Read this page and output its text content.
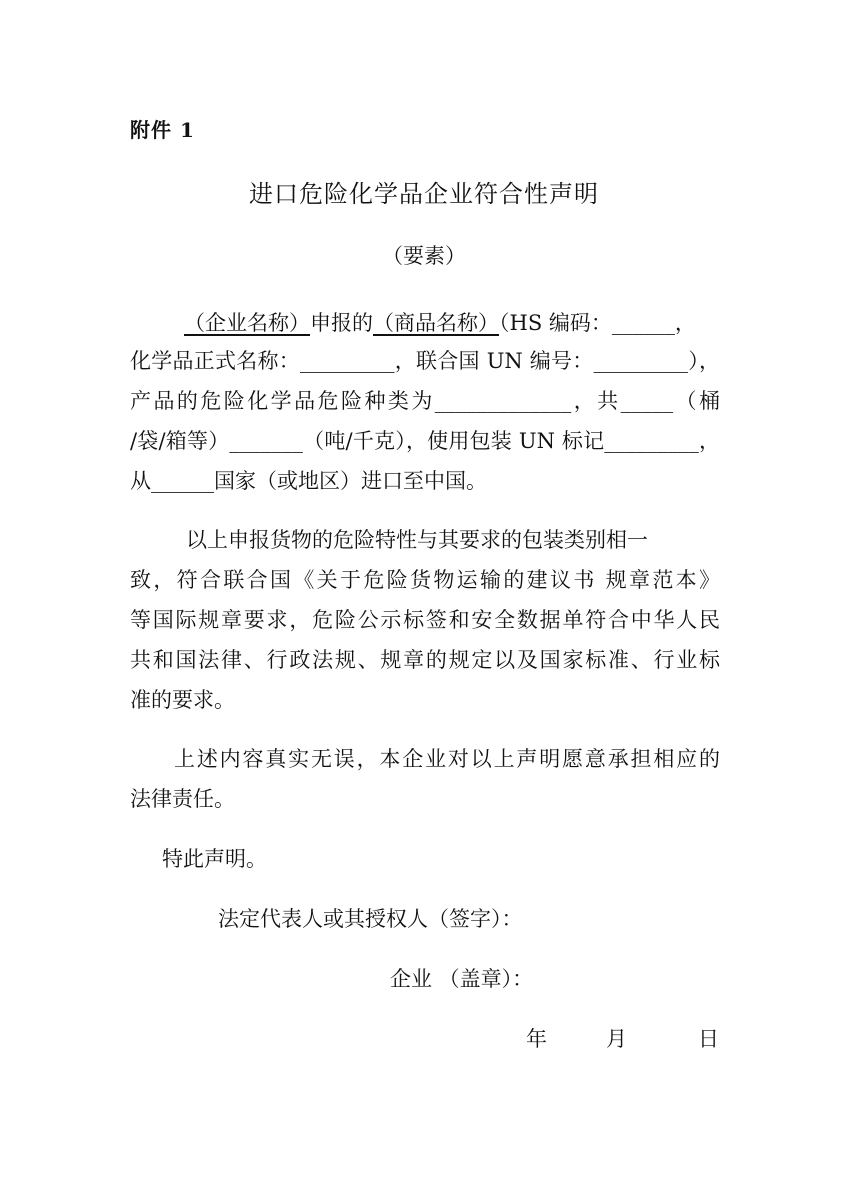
附件 1
进口危险化学品企业符合性声明
（要素）
（企业名称）申报的（商品名称）（HS 编码：______，
化学品正式名称：_________，联合国 UN 编号：_________），
产品的危险化学品危险种类为_____________，共_____（桶
/袋/箱等）_______（吨/千克），使用包装 UN 标记_________，
从______国家（或地区）进口至中国。
以上申报货物的危险特性与其要求的包装类别相一
致，符合联合国《关于危险货物运输的建议书 规章范本》
等国际规章要求，危险公示标签和安全数据单符合中华人民
共和国法律、行政法规、规章的规定以及国家标准、行业标
准的要求。
上述内容真实无误，本企业对以上声明愿意承担相应的
法律责任。
特此声明。
法定代表人或其授权人（签字）：
企业 （盖章）：
年	月	日
